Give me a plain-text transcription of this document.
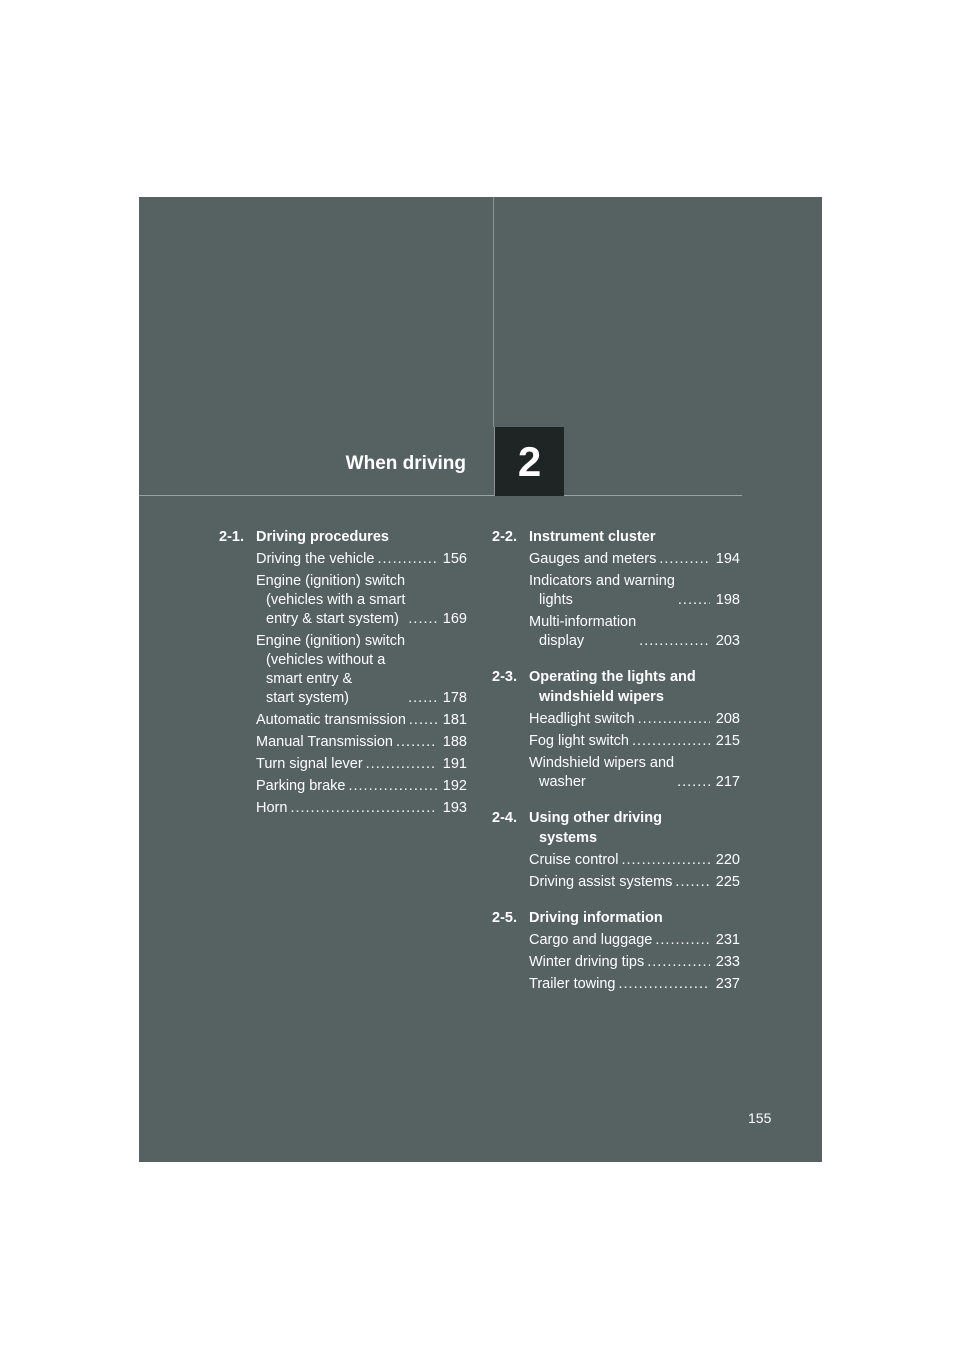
When driving 2
2-1. Driving procedures
Driving the vehicle .....	156
Engine (ignition) switch
(vehicles with a smart
entry & start system) .....	169
Engine (ignition) switch
(vehicles without a
smart entry &
start system) .....	178
Automatic transmission .....	181
Manual Transmission .....	188
Turn signal lever .....	191
Parking brake .....	192
Horn .....	193
2-2. Instrument cluster
Gauges and meters .....	194
Indicators and warning
lights .....	198
Multi-information
display .....	203
2-3. Operating the lights and
windshield wipers
Headlight switch .....	208
Fog light switch .....	215
Windshield wipers and
washer .....	217
2-4. Using other driving
systems
Cruise control .....	220
Driving assist systems .....	225
2-5. Driving information
Cargo and luggage .....	231
Winter driving tips .....	233
Trailer towing .....	237
155
